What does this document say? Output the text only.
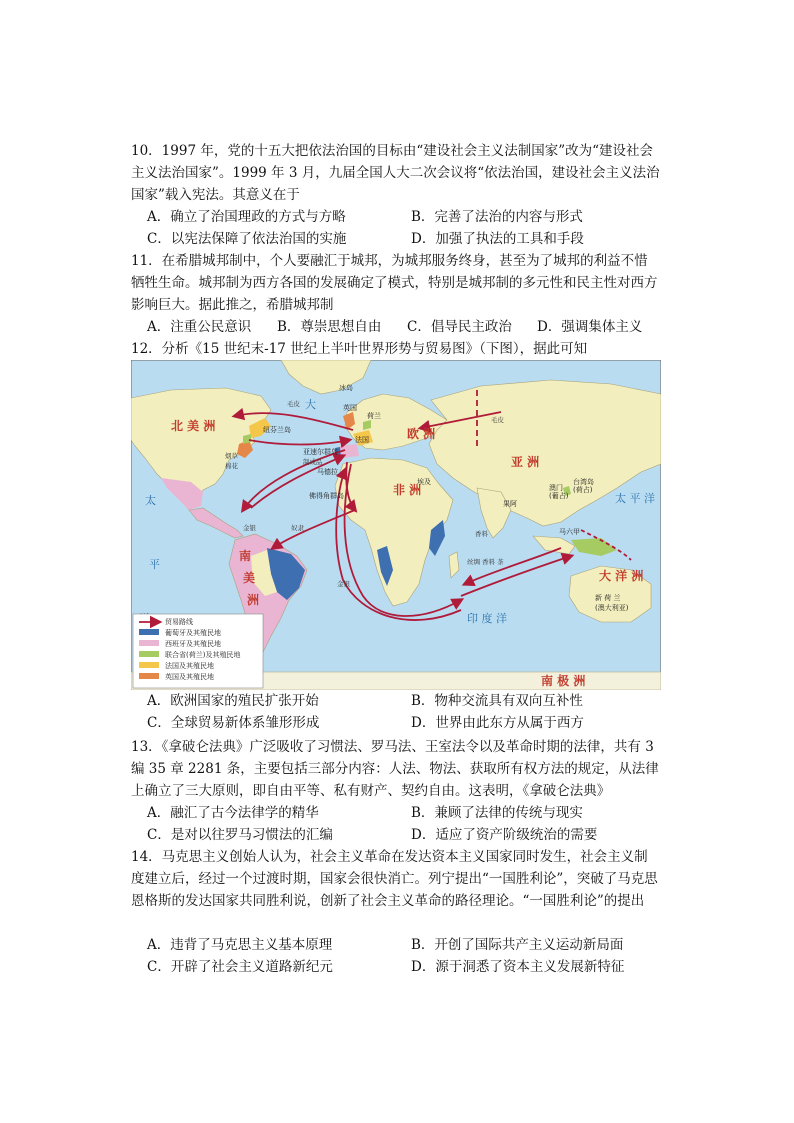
10．1997 年，党的十五大把依法治国的目标由“建设社会主义法制国家”改为“建设社会主义法治国家”。1999 年 3 月，九届全国人大二次会议将“依法治国，建设社会主义法治国家”载入宪法。其意义在于
A．确立了治国理政的方式与方略	B．完善了法治的内容与形式
C．以宪法保障了依法治国的实施	D．加强了执法的工具和手段
11．在希腊城邦制中，个人要融汇于城邦，为城邦服务终身，甚至为了城邦的利益不惜牺牲生命。城邦制为西方各国的发展确定了模式，特别是城邦制的多元性和民主性对西方影响巨大。据此推之，希腊城邦制
A．注重公民意识	B．尊崇思想自由	C．倡导民主政治	D．强调集体主义
12．分析《15 世纪末-17 世纪上半叶世界形势与贸易图》（下图），据此可知
北 美 洲
欧 洲
亚 洲
非 洲
大 洋 洲
南 极 洲
南
美
洲
大
太
平
太 平 洋
印 度 洋
冰岛
纽芬兰岛
埃及
果阿
澳门
(葡占)
台湾岛
(荷占)
新 荷 兰
(澳大利亚)
英国
法国
荷兰
马六甲
佛得角群岛
亚速尔群岛
马德拉
毛皮
毛皮
烟草
棉花	制成品
金银	奴隶
香料
丝绸 香料 茶
金银
贸易路线
葡萄牙及其殖民地
西班牙及其殖民地
联合省(荷兰)及其殖民地
法国及其殖民地
英国及其殖民地
A．欧洲国家的殖民扩张开始	B．物种交流具有双向互补性
C．全球贸易新体系雏形形成	D．世界由此东方从属于西方
13．《拿破仑法典》广泛吸收了习惯法、罗马法、王室法令以及革命时期的法律，共有 3 编 35 章 2281 条，主要包括三部分内容：人法、物法、获取所有权方法的规定，从法律上确立了三大原则，即自由平等、私有财产、契约自由。这表明，《拿破仑法典》
A．融汇了古今法律学的精华	B．兼顾了法律的传统与现实
C．是对以往罗马习惯法的汇编	D．适应了资产阶级统治的需要
14．马克思主义创始人认为，社会主义革命在发达资本主义国家同时发生，社会主义制度建立后，经过一个过渡时期，国家会很快消亡。列宁提出“一国胜利论”，突破了马克思恩格斯的发达国家共同胜利说，创新了社会主义革命的路径理论。“一国胜利论”的提出
A．违背了马克思主义基本原理	B．开创了国际共产主义运动新局面
C．开辟了社会主义道路新纪元	D．源于洞悉了资本主义发展新特征
